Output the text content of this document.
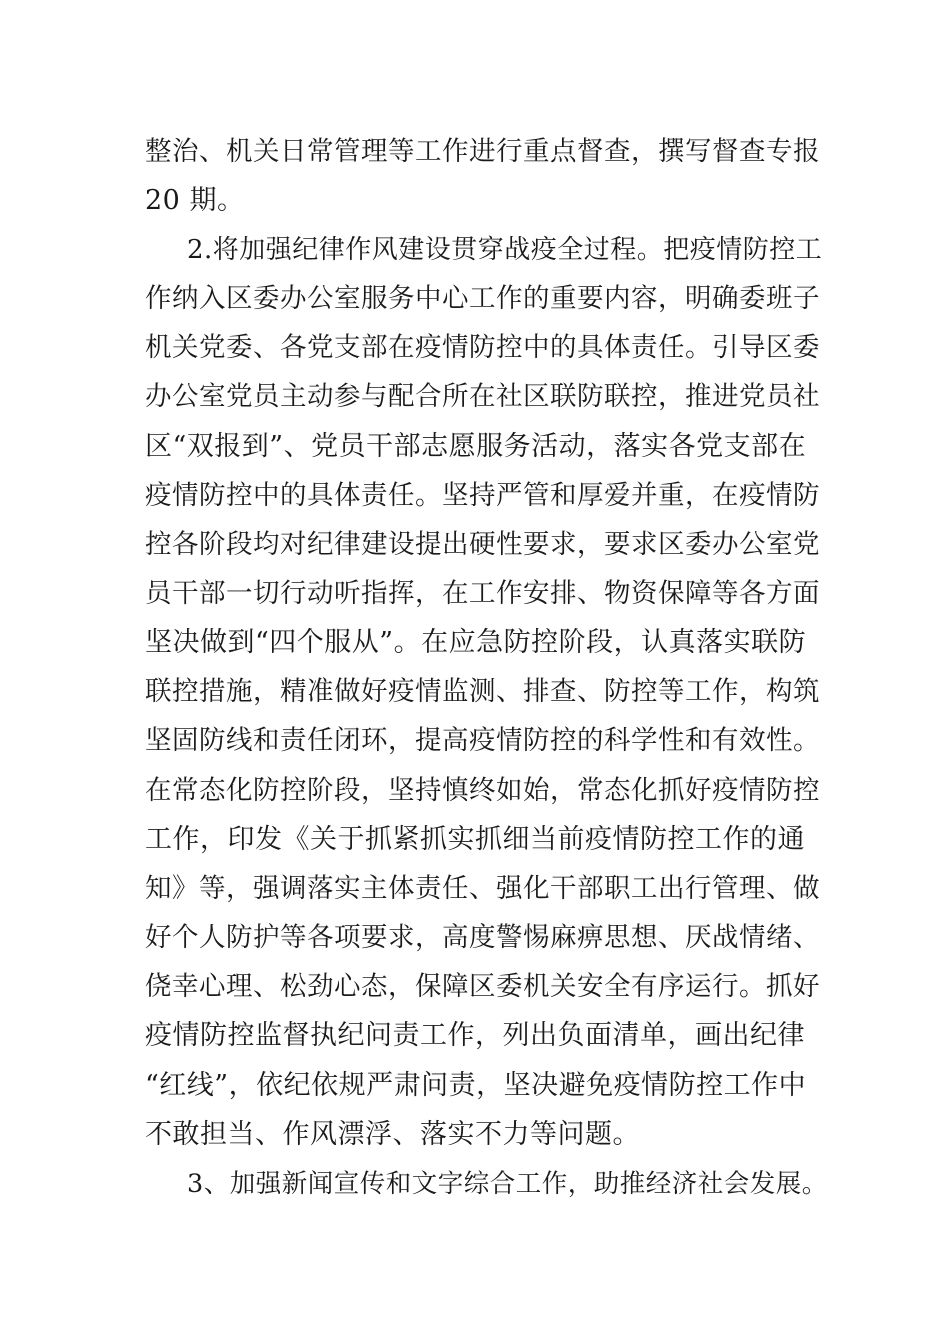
整治、机关日常管理等工作进行重点督查，撰写督查专报
20 期。
2.将加强纪律作风建设贯穿战疫全过程。把疫情防控工
作纳入区委办公室服务中心工作的重要内容，明确委班子
机关党委、各党支部在疫情防控中的具体责任。引导区委
办公室党员主动参与配合所在社区联防联控，推进党员社
区“双报到”、党员干部志愿服务活动，落实各党支部在
疫情防控中的具体责任。坚持严管和厚爱并重，在疫情防
控各阶段均对纪律建设提出硬性要求，要求区委办公室党
员干部一切行动听指挥，在工作安排、物资保障等各方面
坚决做到“四个服从”。在应急防控阶段，认真落实联防
联控措施，精准做好疫情监测、排查、防控等工作，构筑
坚固防线和责任闭环，提高疫情防控的科学性和有效性。
在常态化防控阶段，坚持慎终如始，常态化抓好疫情防控
工作，印发《关于抓紧抓实抓细当前疫情防控工作的通
知》等，强调落实主体责任、强化干部职工出行管理、做
好个人防护等各项要求，高度警惕麻痹思想、厌战情绪、
侥幸心理、松劲心态，保障区委机关安全有序运行。抓好
疫情防控监督执纪问责工作，列出负面清单，画出纪律
“红线”，依纪依规严肃问责，坚决避免疫情防控工作中
不敢担当、作风漂浮、落实不力等问题。
3、加强新闻宣传和文字综合工作，助推经济社会发展。
